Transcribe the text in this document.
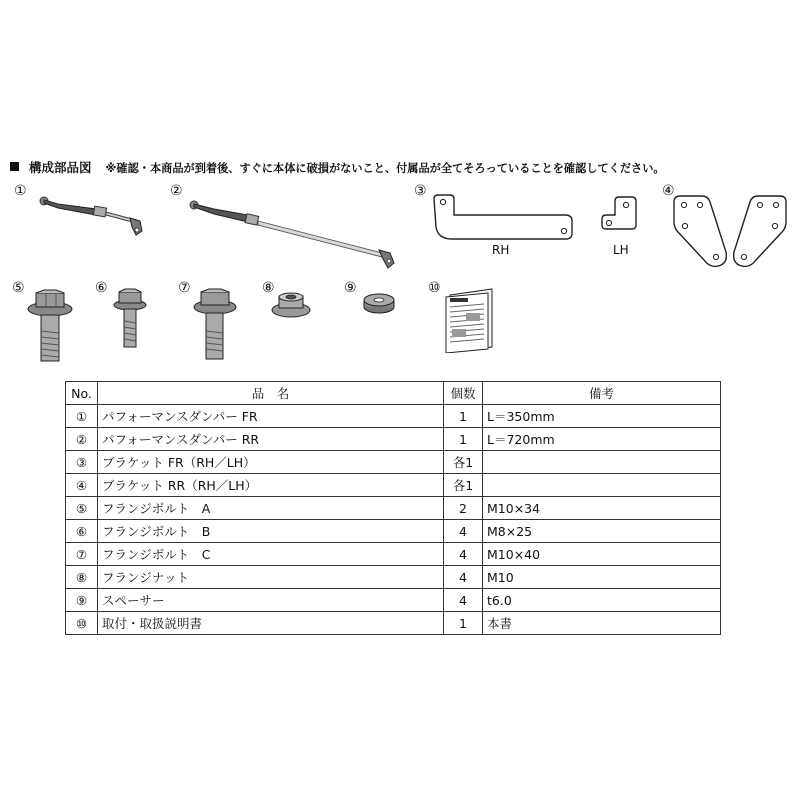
構成部品図 ※確認・本商品が到着後、すぐに本体に破損がないこと、付属品が全てそろっていることを確認してください。
①	②	③	④
⑤	⑥	⑦	⑧	⑨	⑩
RH	LH
No.	品　名	個数	備考
①	パフォーマンスダンパー FR	1	L＝350mm
②	パフォーマンスダンパー RR	1	L＝720mm
③	ブラケット FR（RH／LH）	各1	
④	ブラケット RR（RH／LH）	各1	
⑤	フランジボルト　A	2	M10×34
⑥	フランジボルト　B	4	M8×25
⑦	フランジボルト　C	4	M10×40
⑧	フランジナット	4	M10
⑨	スペーサー	4	t6.0
⑩	取付・取扱説明書	1	本書
